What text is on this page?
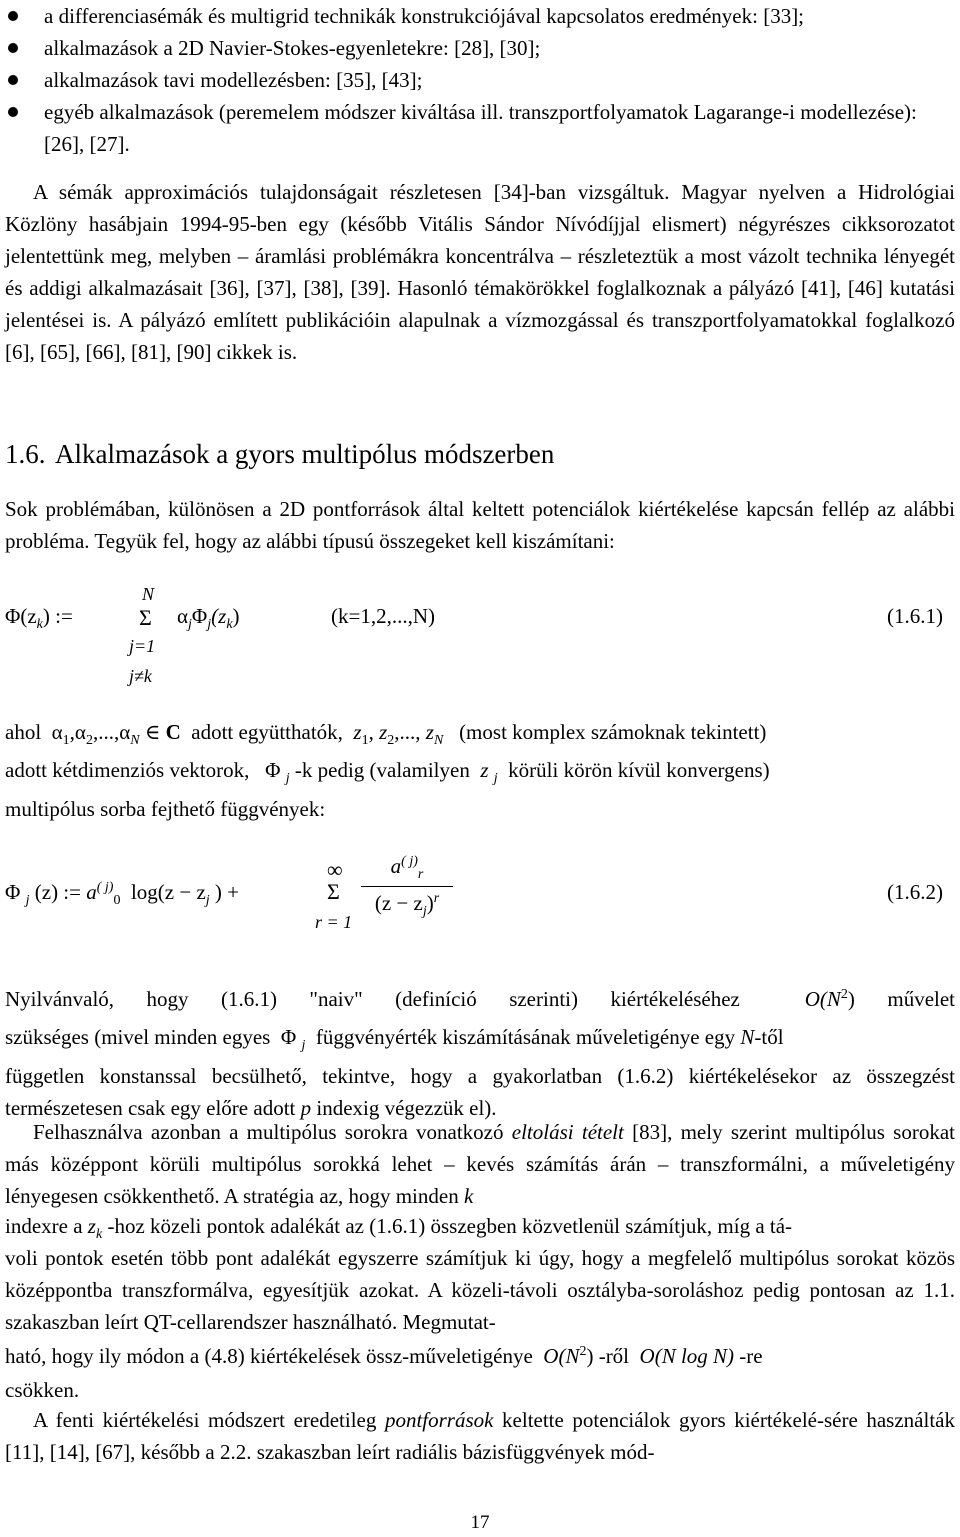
a differenciasémák és multigrid technikák konstrukciójával kapcsolatos eredmények: [33];
alkalmazások a 2D Navier-Stokes-egyenletekre: [28], [30];
alkalmazások tavi modellezésben: [35], [43];
egyéb alkalmazások (peremelem módszer kiváltása ill. transzportfolyamatok Lagarange-i modellezése): [26], [27].

A sémák approximációs tulajdonságait részletesen [34]-ban vizsgáltuk. Magyar nyelven a Hidrológiai Közlöny hasábjain 1994-95-ben egy (később Vitális Sándor Nívódíjjal elismert) négyrészes cikksorozatot jelentettünk meg, melyben – áramlási problémákra koncentrálva – részleteztük a most vázolt technika lényegét és addigi alkalmazásait [36], [37], [38], [39]. Hasonló témakörökkel foglalkoznak a pályázó [41], [46] kutatási jelentései is. A pályázó említett publikációin alapulnak a vízmozgással és transzportfolyamatokkal foglalkozó [6], [65], [66], [81], [90] cikkek is.

1.6. Alkalmazások a gyors multipólus módszerben

Sok problémában, különösen a 2D pontforrások által keltett potenciálok kiértékelése kapcsán fellép az alábbi probléma. Tegyük fel, hogy az alábbi típusú összegeket kell kiszámítani:

$\Phi(z_k)$ :=
N
Σ
j=1
j≠k
$\alpha_j\Phi_j(z_k)$	(k=1,2,...,N)	(1.6.1)
ahol $\alpha_1,\alpha_2,...,\alpha_N$ ∈ C adott együtthatók, $z_1$, $z_2$,..., $z_N$ (most komplex számoknak tekintett)
adott kétdimenziós vektorok, Φ $_j$ -k pedig (valamilyen z $_j$ körüli körön kívül konvergens)
multipólus sorba fejthető függvények:
Φ $_j$ (z) := $a^{( j)}_0$ $\log(z - z_j$ ) +
∞
Σ
r = 1
$a^{( j)}_r$
$(z - z_j)^r$	(1.6.2)
Nyilvánvaló, hogy (1.6.1) "naiv" (definíció szerinti) kiértékeléséhez	$O(N^2)$ művelet
szükséges (mivel minden egyes Φ $_j$ függvényérték kiszámításának műveletigénye egy N-től

független konstanssal becsülhető, tekintve, hogy a gyakorlatban (1.6.2) kiértékelésekor az összegzést természetesen csak egy előre adott p indexig végezzük el).

Felhasználva azonban a multipólus sorokra vonatkozó eltolási tételt [83], mely szerint multipólus sorokat más középpont körüli multipólus sorokká lehet – kevés számítás árán – transzformálni, a műveletigény lényegesen csökkenthető. A stratégia az, hogy minden k

indexre a $z_k$ -hoz közeli pontok adalékát az (1.6.1) összegben közvetlenül számítjuk, míg a tá-

voli pontok esetén több pont adalékát egyszerre számítjuk ki úgy, hogy a megfelelő multipólus sorokat közös középpontba transzformálva, egyesítjük azokat. A közeli-távoli osztályba-soroláshoz pedig pontosan az 1.1. szakaszban leírt QT-cellarendszer használható. Megmutat-

ható, hogy ily módon a (4.8) kiértékelések össz-műveletigénye $O(N^2)$ -ről O(N log N) -re
csökken.

A fenti kiértékelési módszert eredetileg pontforrások keltette potenciálok gyors kiértékelé-sére használták [11], [14], [67], később a 2.2. szakaszban leírt radiális bázisfüggvények mód-

17
